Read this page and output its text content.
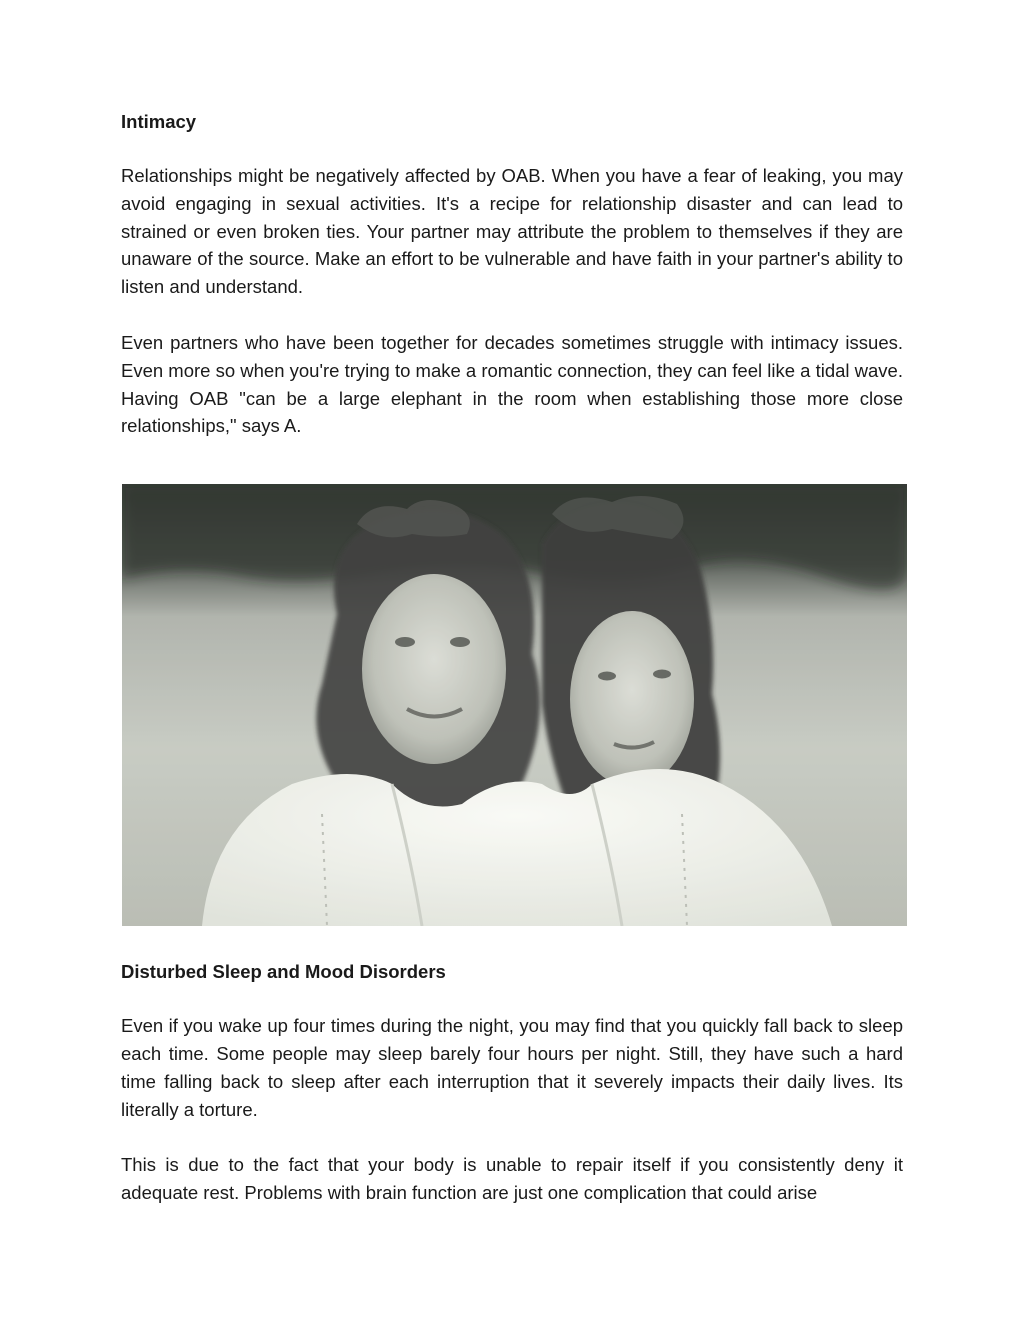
Intimacy

Relationships might be negatively affected by OAB. When you have a fear of leaking, you may avoid engaging in sexual activities. It's a recipe for relationship disaster and can lead to strained or even broken ties. Your partner may attribute the problem to themselves if they are unaware of the source. Make an effort to be vulnerable and have faith in your partner's ability to listen and understand.

Even partners who have been together for decades sometimes struggle with intimacy issues. Even more so when you're trying to make a romantic connection, they can feel like a tidal wave. Having OAB "can be a large elephant in the room when establishing those more close relationships," says A.

Disturbed Sleep and Mood Disorders

Even if you wake up four times during the night, you may find that you quickly fall back to sleep each time. Some people may sleep barely four hours per night. Still, they have such a hard time falling back to sleep after each interruption that it severely impacts their daily lives. Its literally a torture.

This is due to the fact that your body is unable to repair itself if you consistently deny it adequate rest. Problems with brain function are just one complication that could arise
